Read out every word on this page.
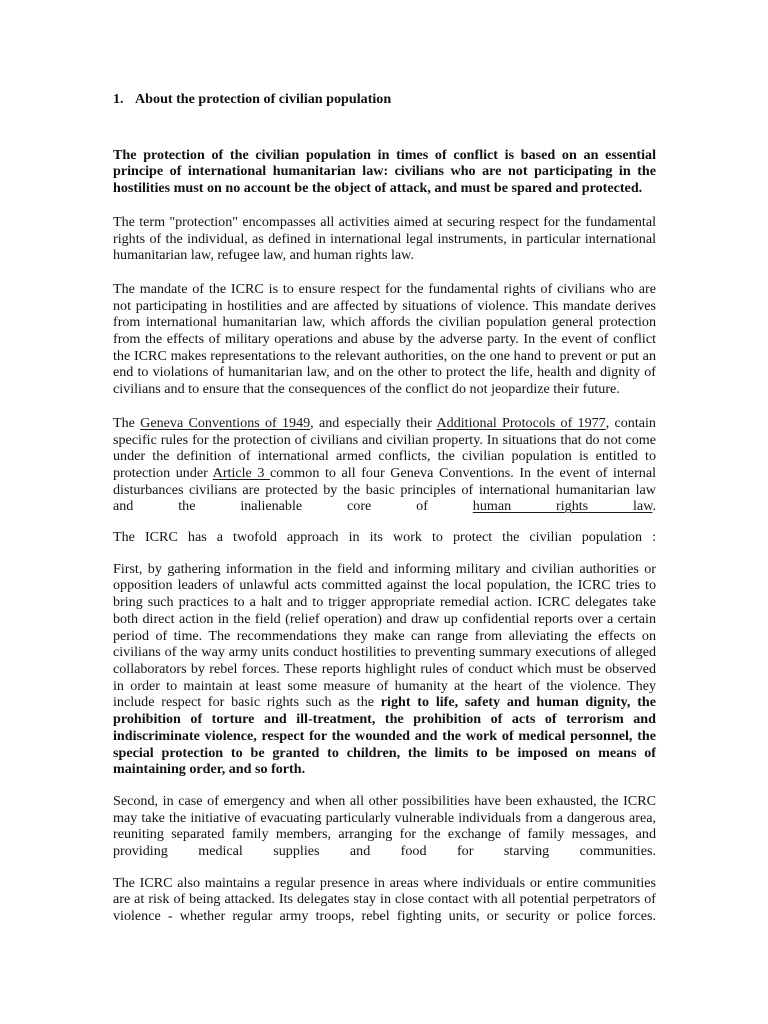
1. About the protection of civilian population

The protection of the civilian population in times of conflict is based on an essential principe of international humanitarian law: civilians who are not participating in the hostilities must on no account be the object of attack, and must be spared and protected.

The term "protection" encompasses all activities aimed at securing respect for the fundamental rights of the individual, as defined in international legal instruments, in particular international humanitarian law, refugee law, and human rights law.

The mandate of the ICRC is to ensure respect for the fundamental rights of civilians who are not participating in hostilities and are affected by situations of violence. This mandate derives from international humanitarian law, which affords the civilian population general protection from the effects of military operations and abuse by the adverse party. In the event of conflict the ICRC makes representations to the relevant authorities, on the one hand to prevent or put an end to violations of humanitarian law, and on the other to protect the life, health and dignity of civilians and to ensure that the consequences of the conflict do not jeopardize their future.

The Geneva Conventions of 1949, and especially their Additional Protocols of 1977, contain specific rules for the protection of civilians and civilian property. In situations that do not come under the definition of international armed conflicts, the civilian population is entitled to protection under Article 3 common to all four Geneva Conventions. In the event of internal disturbances civilians are protected by the basic principles of international humanitarian law and the inalienable core of human rights law.

The ICRC has a twofold approach in its work to protect the civilian population :

First, by gathering information in the field and informing military and civilian authorities or opposition leaders of unlawful acts committed against the local population, the ICRC tries to bring such practices to a halt and to trigger appropriate remedial action. ICRC delegates take both direct action in the field (relief operation) and draw up confidential reports over a certain period of time. The recommendations they make can range from alleviating the effects on civilians of the way army units conduct hostilities to preventing summary executions of alleged collaborators by rebel forces. These reports highlight rules of conduct which must be observed in order to maintain at least some measure of humanity at the heart of the violence. They include respect for basic rights such as the right to life, safety and human dignity, the prohibition of torture and ill-treatment, the prohibition of acts of terrorism and indiscriminate violence, respect for the wounded and the work of medical personnel, the special protection to be granted to children, the limits to be imposed on means of maintaining order, and so forth.

Second, in case of emergency and when all other possibilities have been exhausted, the ICRC may take the initiative of evacuating particularly vulnerable individuals from a dangerous area, reuniting separated family members, arranging for the exchange of family messages, and providing medical supplies and food for starving communities.

The ICRC also maintains a regular presence in areas where individuals or entire communities are at risk of being attacked. Its delegates stay in close contact with all potential perpetrators of violence - whether regular army troops, rebel fighting units, or security or police forces.
